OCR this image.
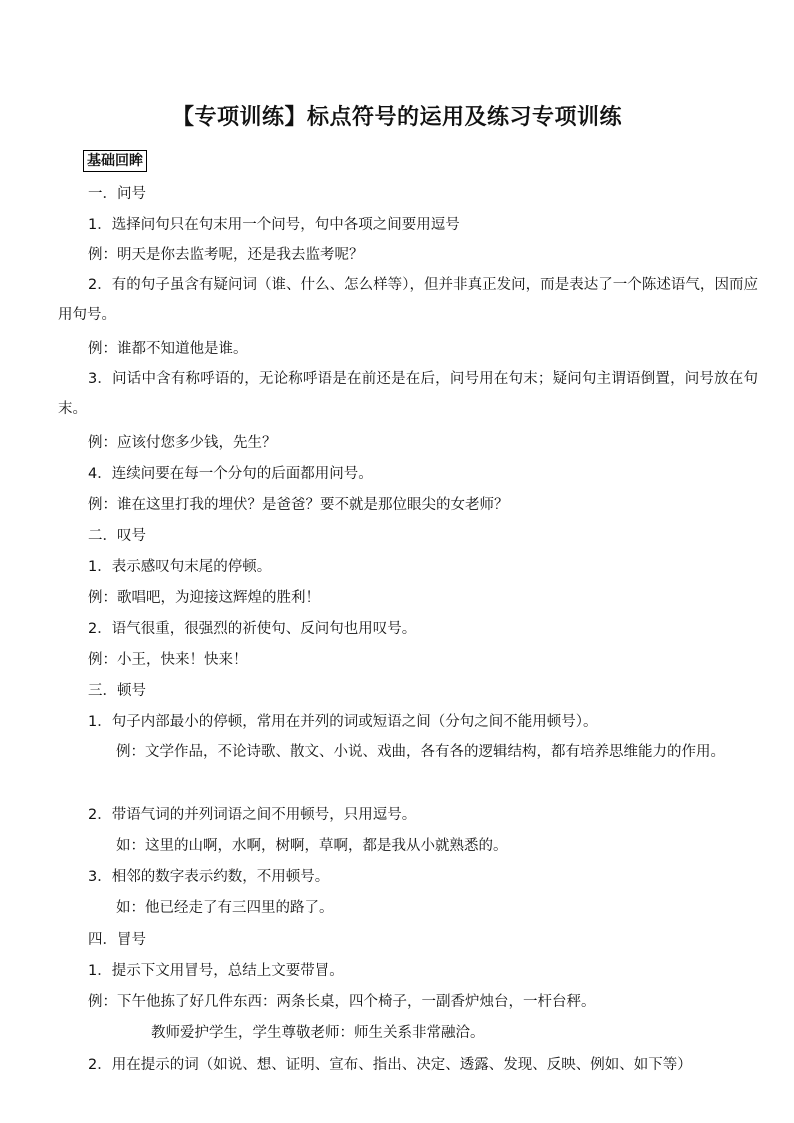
【专项训练】标点符号的运用及练习专项训练
基础回眸
一．问号
1．选择问句只在句末用一个问号，句中各项之间要用逗号
例：明天是你去监考呢，还是我去监考呢？
2．有的句子虽含有疑问词（谁、什么、怎么样等），但并非真正发问，而是表达了一个陈述语气，因而应用句号。
例：谁都不知道他是谁。
3．问话中含有称呼语的，无论称呼语是在前还是在后，问号用在句末；疑问句主谓语倒置，问号放在句末。
例：应该付您多少钱，先生？
4．连续问要在每一个分句的后面都用问号。
例：谁在这里打我的埋伏？是爸爸？要不就是那位眼尖的女老师？
二．叹号
1．表示感叹句末尾的停顿。
例：歌唱吧，为迎接这辉煌的胜利！
2．语气很重，很强烈的祈使句、反问句也用叹号。
例：小王，快来！快来！
三．顿号
1．句子内部最小的停顿，常用在并列的词或短语之间（分句之间不能用顿号）。
例：文学作品，不论诗歌、散文、小说、戏曲，各有各的逻辑结构，都有培养思维能力的作用。
2．带语气词的并列词语之间不用顿号，只用逗号。
如：这里的山啊，水啊，树啊，草啊，都是我从小就熟悉的。
3．相邻的数字表示约数，不用顿号。
如：他已经走了有三四里的路了。
四．冒号
1．提示下文用冒号，总结上文要带冒。
例：下午他拣了好几件东西：两条长桌，四个椅子，一副香炉烛台，一杆台秤。
教师爱护学生，学生尊敬老师：师生关系非常融洽。
2．用在提示的词（如说、想、证明、宣布、指出、决定、透露、发现、反映、例如、如下等）
